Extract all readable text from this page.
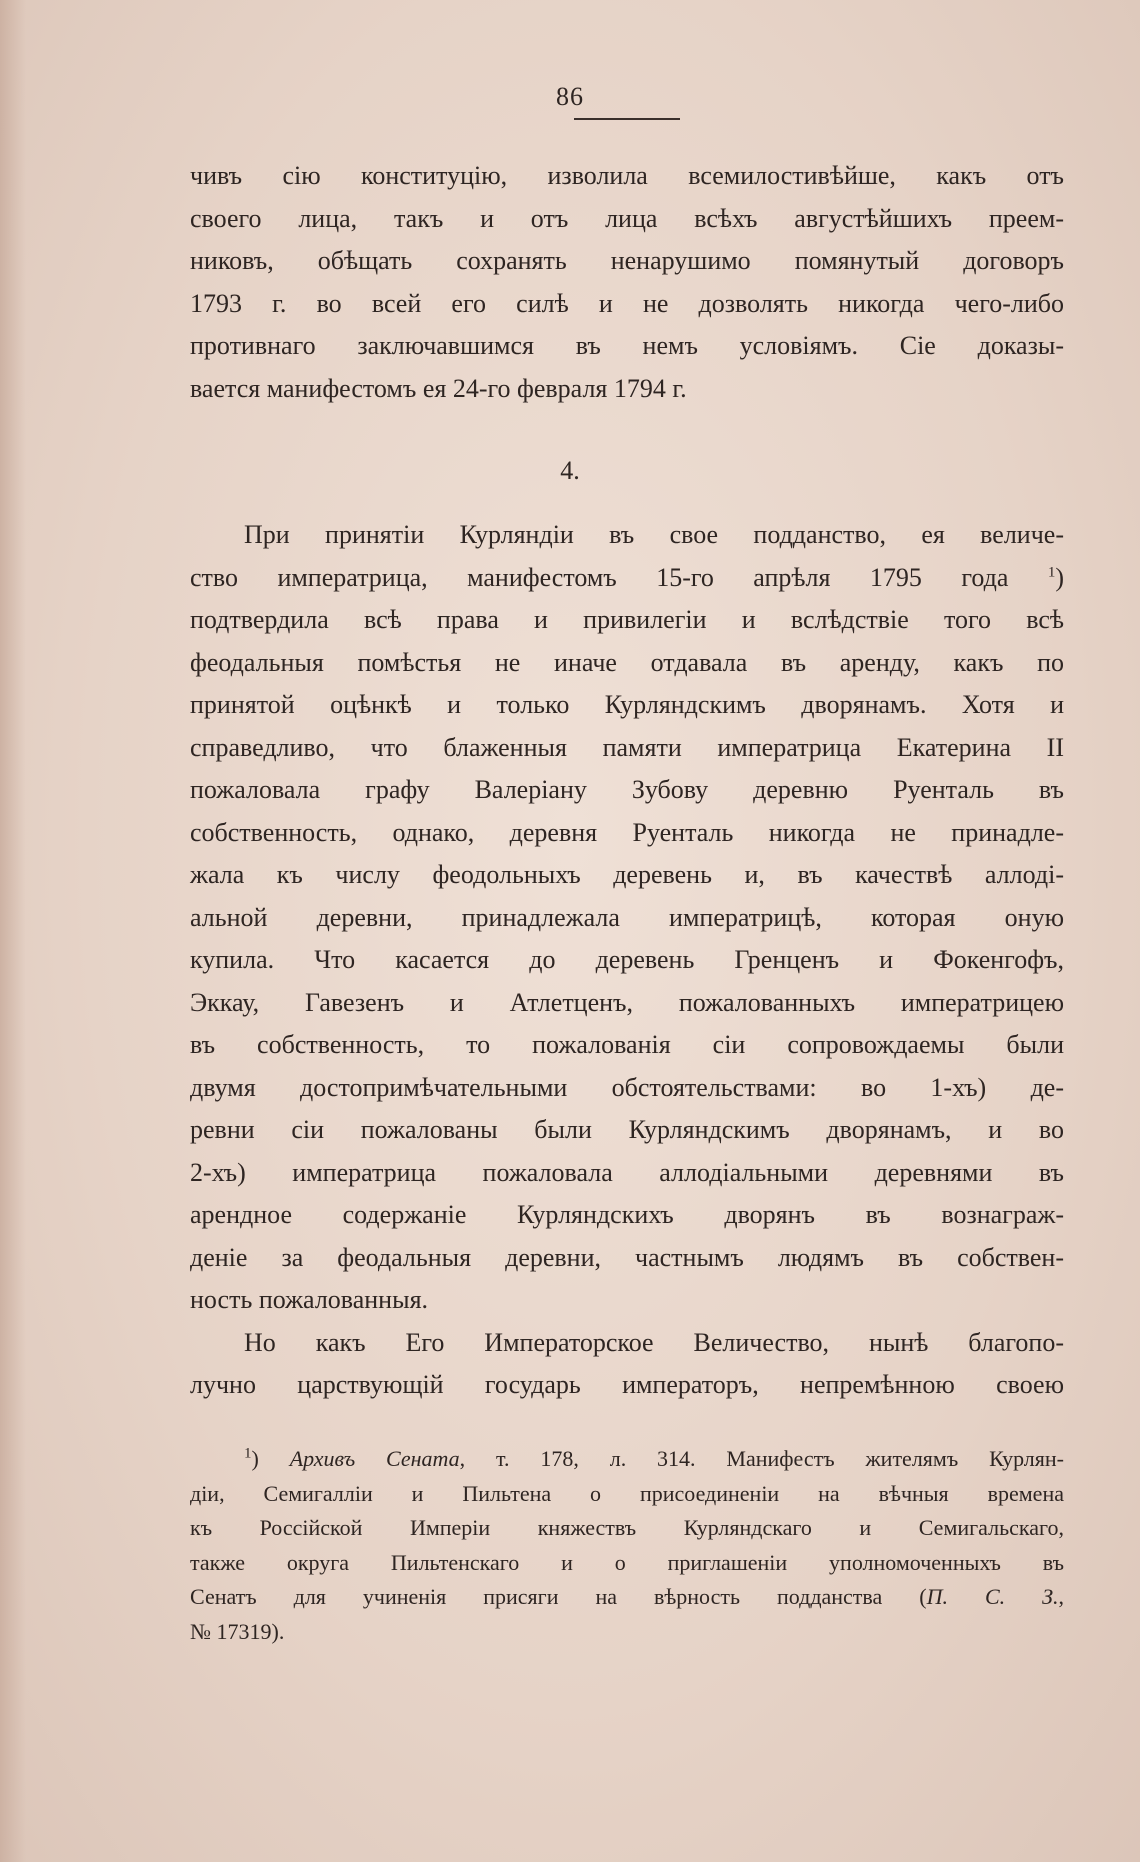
86
чивъ сію конституцію, изволила всемилостивѣйше, какъ отъ
своего лица, такъ и отъ лица всѣхъ августѣйшихъ преем-
никовъ, обѣщать сохранять ненарушимо помянутый договоръ
1793 г. во всей его силѣ и не дозволять никогда чего-либо
противнаго заключавшимся въ немъ условіямъ. Сіе доказы-
вается манифестомъ ея 24-го февраля 1794 г.
4.
При принятіи Курляндіи въ свое подданство, ея величе-
ство императрица, манифестомъ 15-го апрѣля 1795 года	$^1$)
подтвердила всѣ права и привилегіи и вслѣдствіе того всѣ
феодальныя помѣстья не иначе отдавала въ аренду, какъ по
принятой оцѣнкѣ и только Курляндскимъ дворянамъ. Хотя и
справедливо, что блаженныя памяти императрица Екатерина II
пожаловала графу Валеріану Зубову деревню Руенталь въ
собственность, однако, деревня Руенталь никогда не принадле-
жала къ числу феодольныхъ деревень и, въ качествѣ аллоді-
альной деревни, принадлежала императрицѣ, которая оную
купила. Что касается до деревень Гренценъ и Фокенгофъ,
Эккау, Гавезенъ и Атлетценъ, пожалованныхъ императрицею
въ собственность, то пожалованія сіи сопровождаемы были
двумя достопримѣчательными обстоятельствами: во 1-хъ) де-
ревни сіи пожалованы были Курляндскимъ дворянамъ, и во
2-хъ) императрица пожаловала аллодіальными деревнями въ
арендное содержаніе Курляндскихъ дворянъ въ вознаграж-
деніе за феодальныя деревни, частнымъ людямъ въ собствен-
ность пожалованныя.
Но какъ Его Императорское Величество, нынѣ благопо-
лучно царствующій государь императоръ, непремѣнною своею
$^1$) Архивъ Сената, т. 178, л. 314. Манифестъ жителямъ Курлян-
діи, Семигалліи и Пильтена о присоединеніи на вѣчныя времена
къ Россійской Имперіи княжествъ Курляндскаго и Семигальскаго,
также округа Пильтенскаго и о приглашеніи уполномоченныхъ въ
Сенатъ для учиненія присяги на вѣрность подданства (П. С. З.,
№ 17319).
